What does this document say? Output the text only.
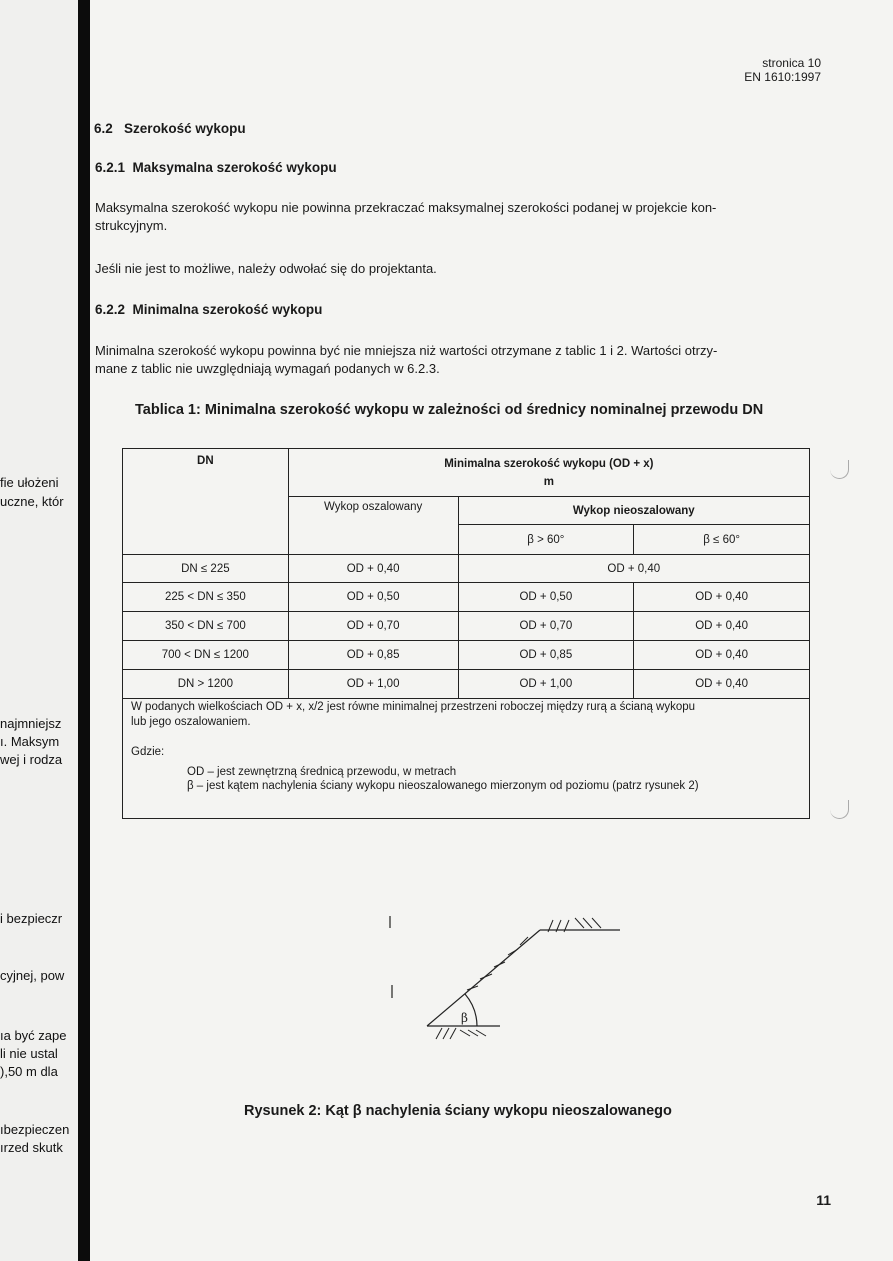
fie ułożeni
uczne, któr
najmniejsz
ı. Maksym
wej i rodza
i bezpieczr
cyjnej, pow
ıa być zape
li nie ustal
),50 m dla
ıbezpieczen
ırzed skutk
stronica 10
EN 1610:1997
6.2 Szerokość wykopu
6.2.1 Maksymalna szerokość wykopu
Maksymalna szerokość wykopu nie powinna przekraczać maksymalnej szerokości podanej w projekcie kon-
strukcyjnym.
Jeśli nie jest to możliwe, należy odwołać się do projektanta.
6.2.2 Minimalna szerokość wykopu
Minimalna szerokość wykopu powinna być nie mniejsza niż wartości otrzymane z tablic 1 i 2. Wartości otrzy-
mane z tablic nie uwzględniają wymagań podanych w 6.2.3.
Tablica 1: Minimalna szerokość wykopu w zależności od średnicy nominalnej przewodu DN
DN	Minimalna szerokość wykopu (OD + x)
m		

	Wykop oszalowany	Wykop nieoszalowany	
		β > 60°	β ≤ 60°
DN ≤ 225	OD + 0,40	OD + 0,40	
225 < DN ≤ 350	OD + 0,50	OD + 0,50	OD + 0,40
350 < DN ≤ 700	OD + 0,70	OD + 0,70	OD + 0,40
700 < DN ≤ 1200	OD + 0,85	OD + 0,85	OD + 0,40
DN > 1200	OD + 1,00	OD + 1,00	OD + 0,40
W podanych wielkościach OD + x, x/2 jest równe minimalnej przestrzeni roboczej między rurą a ścianą wykopu
lub jego oszalowaniem.
Gdzie:
OD – jest zewnętrzną średnicą przewodu, w metrach
β – jest kątem nachylenia ściany wykopu nieoszalowanego mierzonym od poziomu (patrz rysunek 2)
β
Rysunek 2: Kąt β nachylenia ściany wykopu nieoszalowanego
11
